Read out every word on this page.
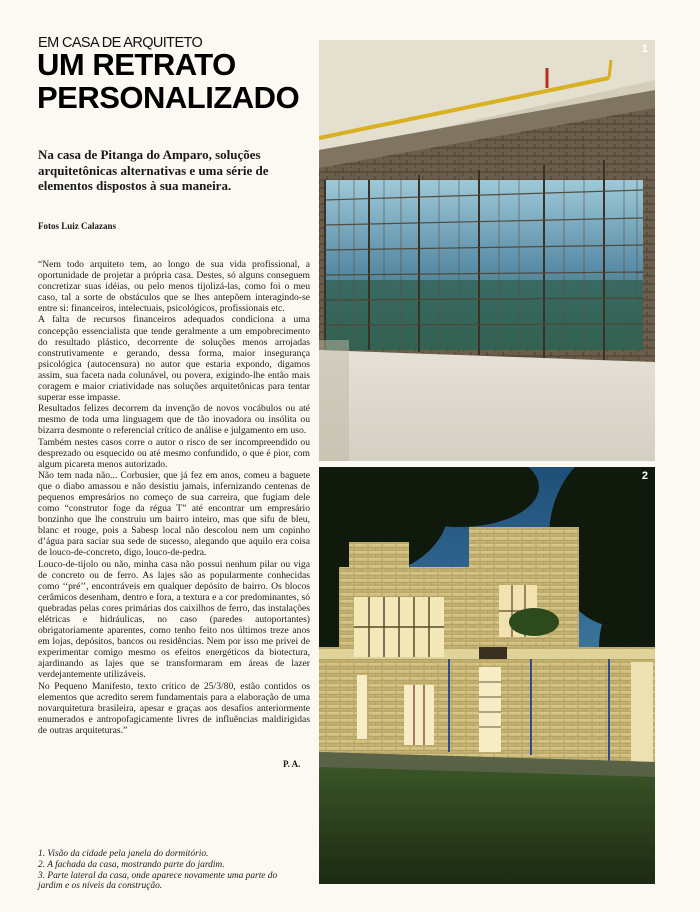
EM CASA DE ARQUITETO
UM RETRATO PERSONALIZADO

Na casa de Pitanga do Amparo, soluções arquitetônicas alternativas e uma série de elementos dispostos à sua maneira.

Fotos Luiz Calazans

“Nem todo arquiteto tem, ao longo de sua vida profissional, a oportunidade de projetar a própria casa. Destes, só alguns conseguem concretizar suas idéias, ou pelo menos tijolizá-las, como foi o meu caso, tal a sorte de obstáculos que se lhes antepõem interagindo-se entre si: financeiros, intelectuais, psicológicos, profissionais etc.

A falta de recursos financeiros adequados condiciona a uma concepção essencialista que tende geralmente a um empobrecimento do resultado plástico, decorrente de soluções menos arrojadas construtivamente e gerando, dessa forma, maior insegurança psicológica (autocensura) no autor que estaria expondo, digamos assim, sua faceta nada colunável, ou povera, exigindo-lhe então mais coragem e maior criatividade nas soluções arquitetônicas para tentar superar esse impasse.

Resultados felizes decorrem da invenção de novos vocábulos ou até mesmo de toda uma linguagem que de tão inovadora ou insólita ou bizarra desmonte o referencial crítico de análise e julgamento em uso.

Também nestes casos corre o autor o risco de ser incompreendido ou desprezado ou esquecido ou até mesmo confundido, o que é pior, com algum picareta menos autorizado.

Não tem nada não... Corbusier, que já fez em anos, comeu a baguete que o diabo amassou e não desistiu jamais, infernizando centenas de pequenos empresários no começo de sua carreira, que fugiam dele como “construtor foge da régua T” até encontrar um empresário bonzinho que lhe construiu um bairro inteiro, mas que sifu de bleu, blanc et rouge, pois a Sabesp local não descolou nem um copinho d’água para saciar sua sede de sucesso, alegando que aquilo era coisa de louco-de-concreto, digo, louco-de-pedra.

Louco-de-tijolo ou não, minha casa não possui nenhum pilar ou viga de concreto ou de ferro. As lajes são as popularmente conhecidas como ‘‘pré’’, encontráveis em qualquer depósito de bairro. Os blocos cerâmicos desenham, dentro e fora, a textura e a cor predominantes, só quebradas pelas cores primárias dos caixilhos de ferro, das instalações elétricas e hidráulicas, no caso (paredes autoportantes) obrigatoriamente aparentes, como tenho feito nos últimos treze anos em lojas, depósitos, bancos ou residências. Nem por isso me privei de experimentar comigo mesmo os efeitos energéticos da biotectura, ajardinando as lajes que se transformaram em áreas de lazer verdejantemente utilizáveis.

No Pequeno Manifesto, texto crítico de 25/3/80, estão contidos os elementos que acredito serem fundamentais para a elaboração de uma novarquitetura brasileira, apesar e graças aos desafios anteriormente enumerados e antropofagicamente livres de influências maldirigidas de outras arquiteturas.”

P. A.
1. Visão da cidade pela janela do dormitório.
2. A fachada da casa, mostrando parte do jardim.
3. Parte lateral da casa, onde aparece novamente uma parte do jardim e os níveis da construção.
1
2
